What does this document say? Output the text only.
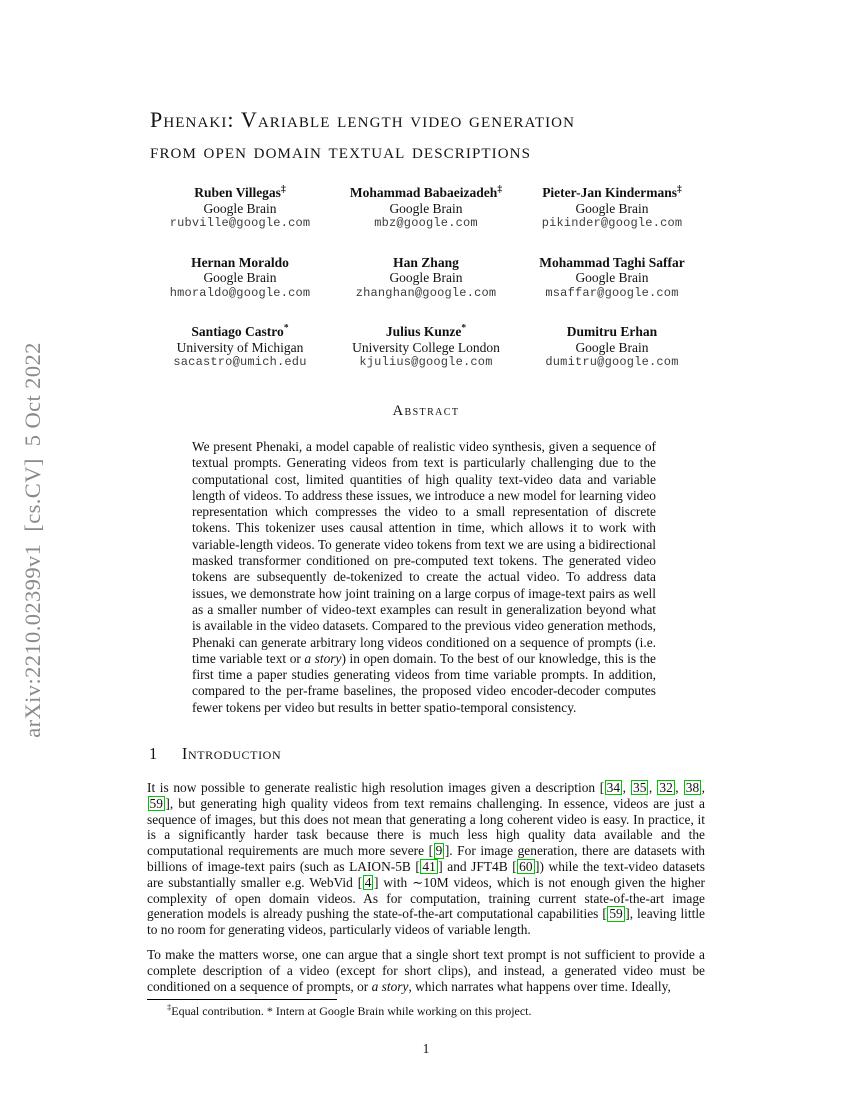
arXiv:2210.02399v1  [cs.CV]  5 Oct 2022
Phenaki: Variable length video generation
from open domain textual descriptions
Ruben Villegas‡
Google Brain
rubville@google.com
Mohammad Babaeizadeh‡
Google Brain
mbz@google.com
Pieter-Jan Kindermans‡
Google Brain
pikinder@google.com
Hernan Moraldo
Google Brain
hmoraldo@google.com
Han Zhang
Google Brain
zhanghan@google.com
Mohammad Taghi Saffar
Google Brain
msaffar@google.com
Santiago Castro*
University of Michigan
sacastro@umich.edu
Julius Kunze*
University College London
kjulius@google.com
Dumitru Erhan
Google Brain
dumitru@google.com
Abstract
We present Phenaki, a model capable of realistic video synthesis, given a sequence of textual prompts. Generating videos from text is particularly challenging due to the computational cost, limited quantities of high quality text-video data and variable length of videos. To address these issues, we introduce a new model for learning video representation which compresses the video to a small representation of discrete tokens. This tokenizer uses causal attention in time, which allows it to work with variable-length videos. To generate video tokens from text we are using a bidirectional masked transformer conditioned on pre-computed text tokens. The generated video tokens are subsequently de-tokenized to create the actual video. To address data issues, we demonstrate how joint training on a large corpus of image-text pairs as well as a smaller number of video-text examples can result in generalization beyond what is available in the video datasets. Compared to the previous video generation methods, Phenaki can generate arbitrary long videos conditioned on a sequence of prompts (i.e. time variable text or a story) in open domain. To the best of our knowledge, this is the first time a paper studies generating videos from time variable prompts. In addition, compared to the per-frame baselines, the proposed video encoder-decoder computes fewer tokens per video but results in better spatio-temporal consistency.
1 Introduction

It is now possible to generate realistic high resolution images given a description [ 34 , 35 , 32 , 38 , 59 ], but generating high quality videos from text remains challenging. In essence, videos are just a sequence of images, but this does not mean that generating a long coherent video is easy. In practice, it is a significantly harder task because there is much less high quality data available and the computational requirements are much more severe [ 9 ]. For image generation, there are datasets with billions of image-text pairs (such as LAION-5B [ 41 ] and JFT4B [ 60 ]) while the text-video datasets are substantially smaller e.g. WebVid [ 4 ] with ∼10M videos, which is not enough given the higher complexity of open domain videos. As for computation, training current state-of-the-art image generation models is already pushing the state-of-the-art computational capabilities [ 59 ], leaving little to no room for generating videos, particularly videos of variable length.

To make the matters worse, one can argue that a single short text prompt is not sufficient to provide a complete description of a video (except for short clips), and instead, a generated video must be conditioned on a sequence of prompts, or a story, which narrates what happens over time. Ideally,

‡Equal contribution. * Intern at Google Brain while working on this project.
1
